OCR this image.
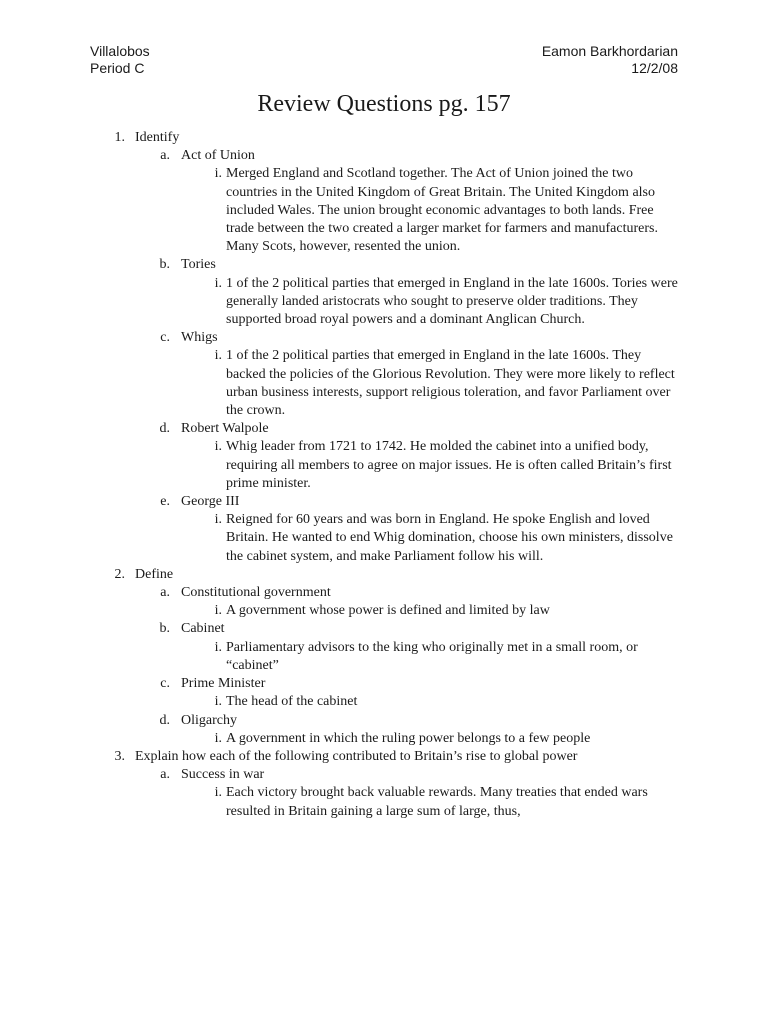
Villalobos
Period C
Eamon Barkhordarian
12/2/08
Review Questions pg. 157
1. Identify
a. Act of Union
i. Merged England and Scotland together. The Act of Union joined the two countries in the United Kingdom of Great Britain. The United Kingdom also included Wales. The union brought economic advantages to both lands. Free trade between the two created a larger market for farmers and manufacturers. Many Scots, however, resented the union.
b. Tories
i. 1 of the 2 political parties that emerged in England in the late 1600s. Tories were generally landed aristocrats who sought to preserve older traditions. They supported broad royal powers and a dominant Anglican Church.
c. Whigs
i. 1 of the 2 political parties that emerged in England in the late 1600s. They backed the policies of the Glorious Revolution. They were more likely to reflect urban business interests, support religious toleration, and favor Parliament over the crown.
d. Robert Walpole
i. Whig leader from 1721 to 1742. He molded the cabinet into a unified body, requiring all members to agree on major issues. He is often called Britain’s first prime minister.
e. George III
i. Reigned for 60 years and was born in England. He spoke English and loved Britain. He wanted to end Whig domination, choose his own ministers, dissolve the cabinet system, and make Parliament follow his will.
2. Define
a. Constitutional government
i. A government whose power is defined and limited by law
b. Cabinet
i. Parliamentary advisors to the king who originally met in a small room, or “cabinet”
c. Prime Minister
i. The head of the cabinet
d. Oligarchy
i. A government in which the ruling power belongs to a few people
3. Explain how each of the following contributed to Britain’s rise to global power
a. Success in war
i. Each victory brought back valuable rewards. Many treaties that ended wars resulted in Britain gaining a large sum of large, thus,
